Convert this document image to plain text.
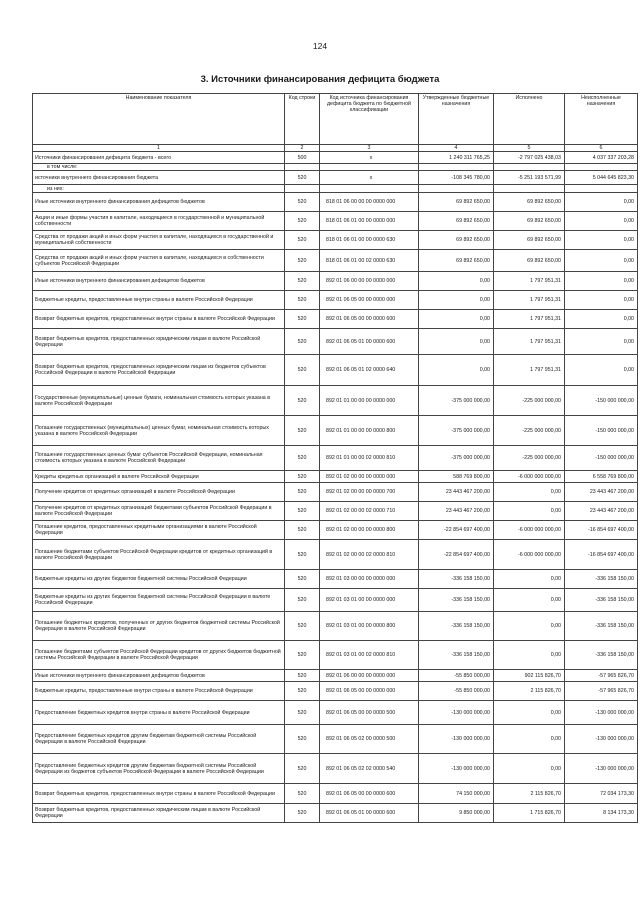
124
3. Источники финансирования дефицита бюджета
Наименование показателя	Код строки	Код источника финансирования дефицита бюджета по бюджетной классификации	Утвержденные бюджетные назначения	Исполнено	Неисполненные назначения
1	2	3	4	5	6
Источники финансирования дефицита бюджета - всего	500	x	1 240 311 765,25	-2 797 025 438,03	4 037 337 203,28
в том числе:					
источники внутреннего финансирования бюджета	520	x	-108 345 780,00	-5 251 193 571,99	5 044 645 823,30
из них:					
Иные источники внутреннего финансирования дефицитов бюджетов	520	818 01 06 00 00 00 0000 000	69 892 650,00	69 892 650,00	0,00
Акции и иные формы участия в капитале, находящиеся в государственной и муниципальной собственности	520	818 01 06 01 00 00 0000 000	69 892 650,00	69 892 650,00	0,00
Средства от продажи акций и иных форм участия в капитале, находящихся в государственной и муниципальной собственности	520	818 01 06 01 00 00 0000 630	69 892 650,00	69 892 650,00	0,00
Средства от продажи акций и иных форм участия в капитале, находящихся в собственности субъектов Российской Федерации	520	818 01 06 01 00 02 0000 630	69 892 650,00	69 892 650,00	0,00
Иные источники внутреннего финансирования дефицитов бюджетов	520	892 01 06 00 00 00 0000 000	0,00	1 797 951,31	0,00
Бюджетные кредиты, предоставленные внутри страны в валюте Российской Федерации	520	892 01 06 05 00 00 0000 000	0,00	1 797 951,31	0,00
Возврат бюджетных кредитов, предоставленных внутри страны в валюте Российской Федерации	520	892 01 06 05 00 00 0000 600	0,00	1 797 951,31	0,00
Возврат бюджетных кредитов, предоставленных юридическим лицам в валюте Российской Федерации	520	892 01 06 05 01 00 0000 600	0,00	1 797 951,31	0,00
Возврат бюджетных кредитов, предоставленных юридическим лицам из бюджетов субъектов Российской Федерации в валюте Российской Федерации	520	892 01 06 05 01 02 0000 640	0,00	1 797 951,31	0,00
Государственные (муниципальные) ценные бумаги, номинальная стоимость которых указана в валюте Российской Федерации	520	892 01 01 00 00 00 0000 000	-375 000 000,00	-225 000 000,00	-150 000 000,00
Погашение государственных (муниципальных) ценных бумаг, номинальная стоимость которых указана в валюте Российской Федерации	520	892 01 01 00 00 00 0000 800	-375 000 000,00	-225 000 000,00	-150 000 000,00
Погашение государственных ценных бумаг субъектов Российской Федерации, номинальная стоимость которых указана в валюте Российской Федерации	520	892 01 01 00 00 02 0000 810	-375 000 000,00	-225 000 000,00	-150 000 000,00
Кредиты кредитных организаций в валюте Российской Федерации	520	892 01 02 00 00 00 0000 000	588 769 800,00	-6 000 000 000,00	6 558 769 800,00
Получение кредитов от кредитных организаций в валюте Российской Федерации	520	892 01 02 00 00 00 0000 700	23 443 467 200,00	0,00	23 443 467 200,00
Получение кредитов от кредитных организаций бюджетами субъектов Российской Федерации в валюте Российской Федерации	520	892 01 02 00 00 02 0000 710	23 443 467 200,00	0,00	23 443 467 200,00
Погашение кредитов, предоставленных кредитными организациями в валюте Российской Федерации	520	892 01 02 00 00 00 0000 800	-22 854 697 400,00	-6 000 000 000,00	-16 854 697 400,00
Погашение бюджетами субъектов Российской Федерации кредитов от кредитных организаций в валюте Российской Федерации	520	892 01 02 00 00 02 0000 810	-22 854 697 400,00	-6 000 000 000,00	-16 854 697 400,00
Бюджетные кредиты из других бюджетов бюджетной системы Российской Федерации	520	892 01 03 00 00 00 0000 000	-336 158 150,00	0,00	-336 158 150,00
Бюджетные кредиты из других бюджетов бюджетной системы Российской Федерации в валюте Российской Федерации	520	892 01 03 01 00 00 0000 000	-336 158 150,00	0,00	-336 158 150,00
Погашение бюджетных кредитов, полученных от других бюджетов бюджетной системы Российской Федерации в валюте Российской Федерации	520	892 01 03 01 00 00 0000 800	-336 158 150,00	0,00	-336 158 150,00
Погашение бюджетами субъектов Российской Федерации кредитов от других бюджетов бюджетной системы Российской Федерации в валюте Российской Федерации	520	892 01 03 01 00 02 0000 810	-336 158 150,00	0,00	-336 158 150,00
Иные источники внутреннего финансирования дефицитов бюджетов	520	892 01 06 00 00 00 0000 000	-55 850 000,00	902 115 826,70	-57 965 826,70
Бюджетные кредиты, предоставленные внутри страны в валюте Российской Федерации	520	892 01 06 05 00 00 0000 000	-55 850 000,00	2 115 826,70	-57 965 826,70
Предоставление бюджетных кредитов внутри страны в валюте Российской Федерации	520	892 01 06 05 00 00 0000 500	-130 000 000,00	0,00	-130 000 000,00
Предоставление бюджетных кредитов другим бюджетам бюджетной системы Российской Федерации в валюте Российской Федерации	520	892 01 06 05 02 00 0000 500	-130 000 000,00	0,00	-130 000 000,00
Предоставление бюджетных кредитов другим бюджетам бюджетной системы Российской Федерации из бюджетов субъектов Российской Федерации в валюте Российской Федерации	520	892 01 06 05 02 02 0000 540	-130 000 000,00	0,00	-130 000 000,00
Возврат бюджетных кредитов, предоставленных внутри страны в валюте Российской Федерации	520	892 01 06 05 00 00 0000 600	74 150 000,00	2 115 826,70	72 034 173,30
Возврат бюджетных кредитов, предоставленных юридическим лицам в валюте Российской Федерации	520	892 01 06 05 01 00 0000 600	9 850 000,00	1 715 826,70	8 134 173,30
